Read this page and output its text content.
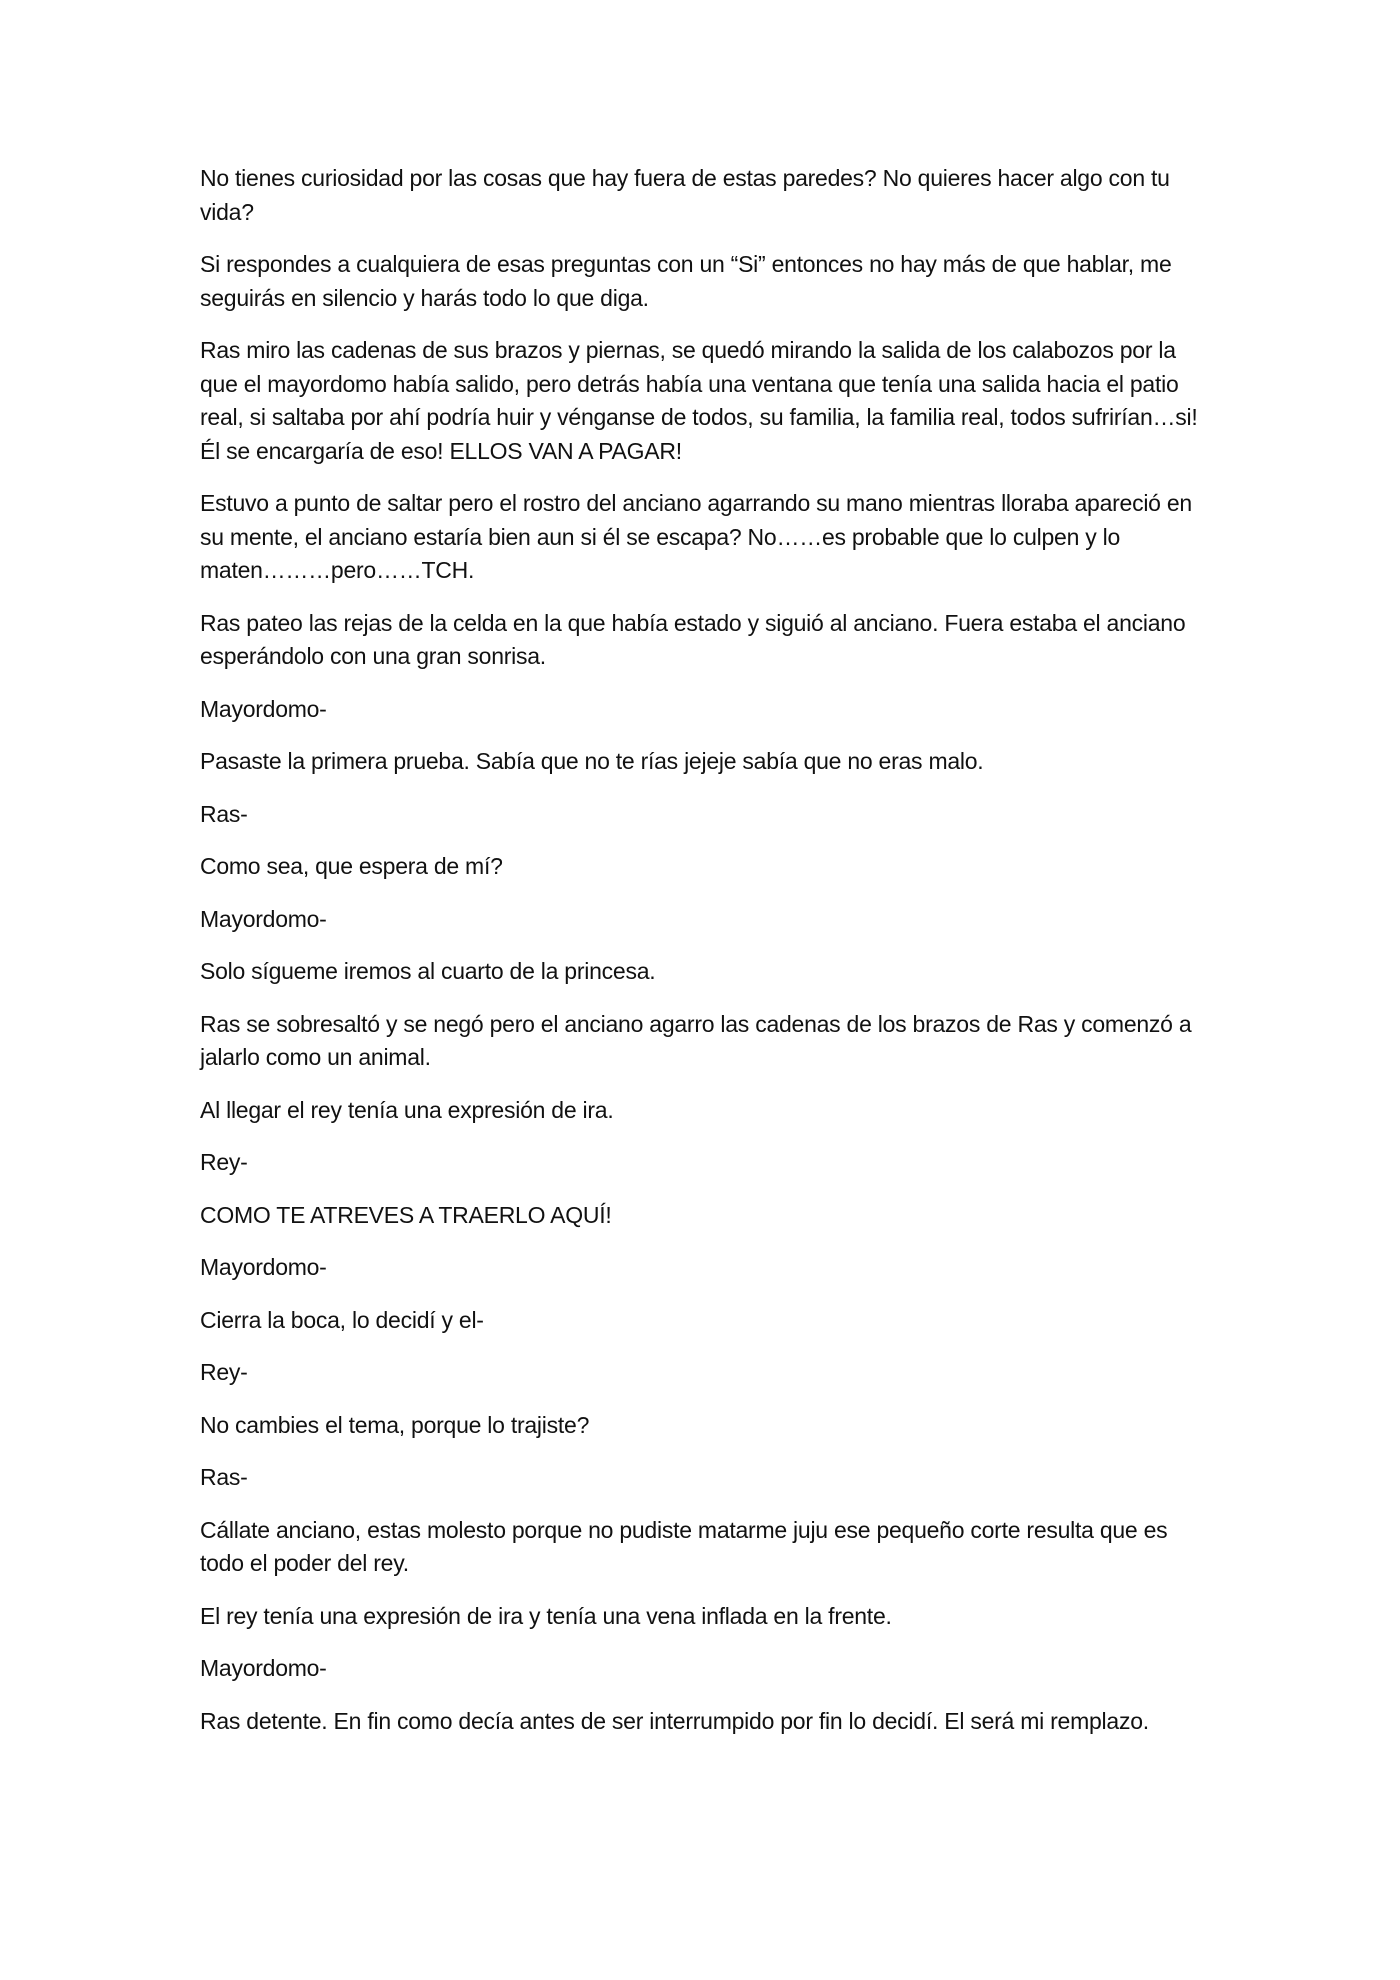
No tienes curiosidad por las cosas que hay fuera de estas paredes? No quieres hacer algo con tu vida?

Si respondes a cualquiera de esas preguntas con un “Si” entonces no hay más de que hablar, me seguirás en silencio y harás todo lo que diga.

Ras miro las cadenas de sus brazos y piernas, se quedó mirando la salida de los calabozos por la que el mayordomo había salido, pero detrás había una ventana que tenía una salida hacia el patio real, si saltaba por ahí podría huir y vénganse de todos, su familia, la familia real, todos sufrirían…si! Él se encargaría de eso! ELLOS VAN A PAGAR!

Estuvo a punto de saltar pero el rostro del anciano agarrando su mano mientras lloraba apareció en su mente, el anciano estaría bien aun si él se escapa? No……es probable que lo culpen y lo maten………pero……TCH.

Ras pateo las rejas de la celda en la que había estado y siguió al anciano. Fuera estaba el anciano esperándolo con una gran sonrisa.

Mayordomo-

Pasaste la primera prueba. Sabía que no te rías jejeje sabía que no eras malo.

Ras-

Como sea, que espera de mí?

Mayordomo-

Solo sígueme iremos al cuarto de la princesa.

Ras se sobresaltó y se negó pero el anciano agarro las cadenas de los brazos de Ras y comenzó a jalarlo como un animal.

Al llegar el rey tenía una expresión de ira.

Rey-

COMO TE ATREVES A TRAERLO AQUÍ!

Mayordomo-

Cierra la boca, lo decidí y el-

Rey-

No cambies el tema, porque lo trajiste?

Ras-

Cállate anciano, estas molesto porque no pudiste matarme juju ese pequeño corte resulta que es todo el poder del rey.

El rey tenía una expresión de ira y tenía una vena inflada en la frente.

Mayordomo-

Ras detente. En fin como decía antes de ser interrumpido por fin lo decidí. El será mi remplazo.
